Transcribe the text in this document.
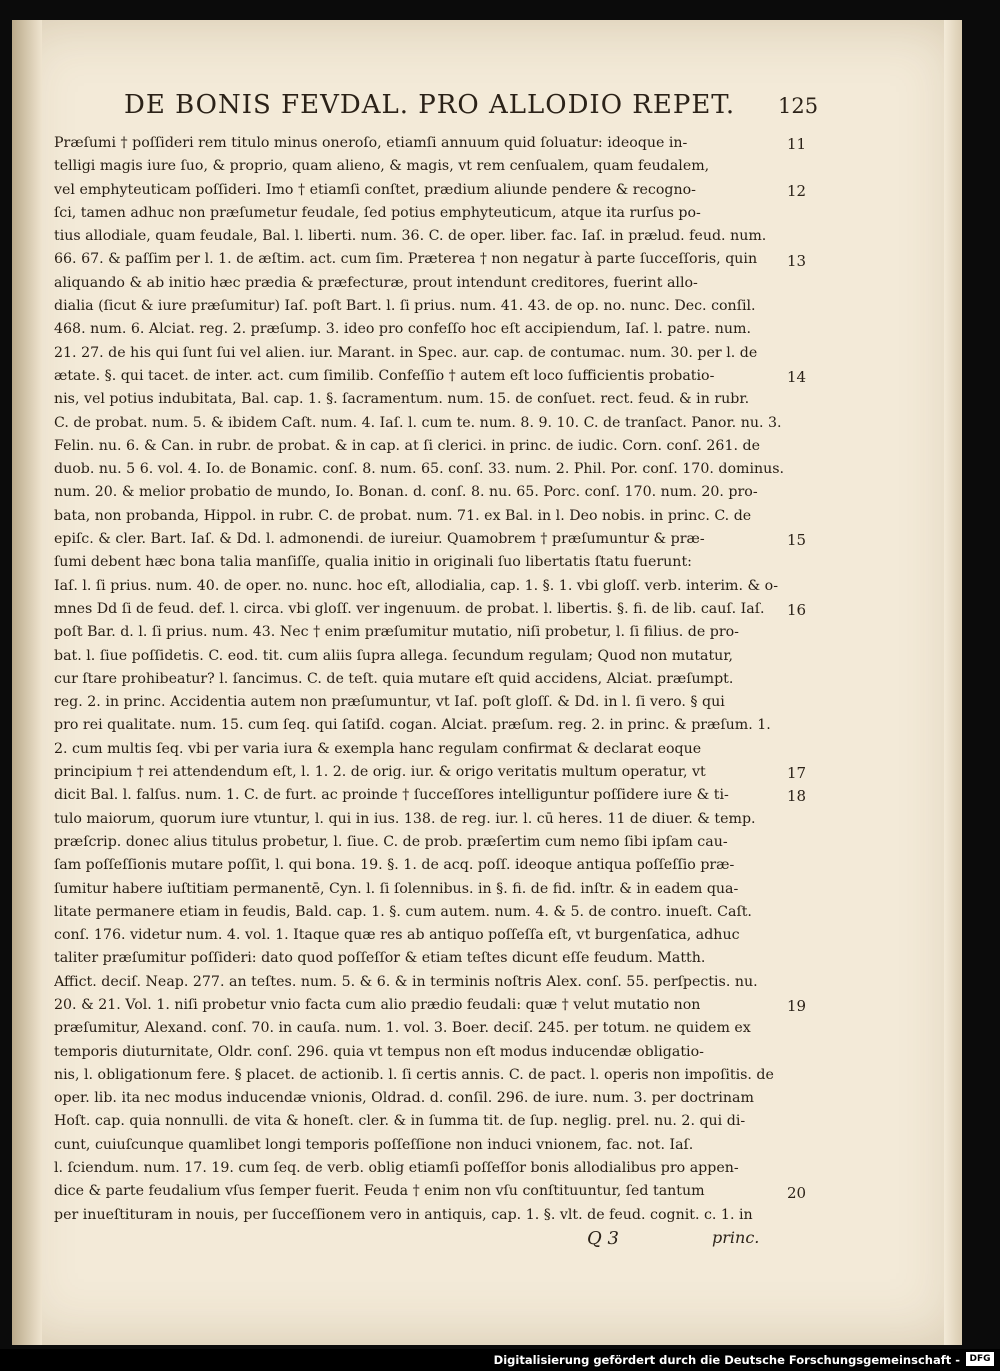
DE BONIS FEVDAL. PRO ALLODIO REPET.	125
Præſumi † poſſideri rem titulo minus oneroſo, etiamſi annuum quid ſoluatur: ideoque in-
telligi magis iure ſuo, & proprio, quam alieno, & magis, vt rem cenſualem, quam feudalem,
vel emphyteuticam poſſideri. Imo † etiamſi conſtet, prædium aliunde pendere & recogno-
ſci, tamen adhuc non præſumetur feudale, ſed potius emphyteuticum, atque ita rurſus po-
tius allodiale, quam feudale, Bal. l. liberti. num. 36. C. de oper. liber. fac. Iaſ. in prælud. feud. num.
66. 67. & paſſim per l. 1. de æſtim. act. cum ſim. Præterea † non negatur à parte ſucceſſoris, quin
aliquando & ab initio hæc prædia & præfecturæ, prout intendunt creditores, fuerint allo-
dialia (ſicut & iure præſumitur) Iaſ. poſt Bart. l. ſi prius. num. 41. 43. de op. no. nunc. Dec. conſil.
468. num. 6. Alciat. reg. 2. præſump. 3. ideo pro confeſſo hoc eſt accipiendum, Iaſ. l. patre. num.
21. 27. de his qui ſunt ſui vel alien. iur. Marant. in Spec. aur. cap. de contumac. num. 30. per l. de
ætate. §. qui tacet. de inter. act. cum ſimilib. Confeſſio † autem eſt loco ſufficientis probatio-
nis, vel potius indubitata, Bal. cap. 1. §. ſacramentum. num. 15. de conſuet. rect. feud. & in rubr.
C. de probat. num. 5. & ibidem Caſt. num. 4. Iaſ. l. cum te. num. 8. 9. 10. C. de tranſact. Panor. nu. 3.
Felin. nu. 6. & Can. in rubr. de probat. & in cap. at ſi clerici. in princ. de iudic. Corn. conſ. 261. de
duob. nu. 5 6. vol. 4. Io. de Bonamic. conſ. 8. num. 65. conſ. 33. num. 2. Phil. Por. conſ. 170. dominus.
num. 20. & melior probatio de mundo, Io. Bonan. d. conſ. 8. nu. 65. Porc. conſ. 170. num. 20. pro-
bata, non probanda, Hippol. in rubr. C. de probat. num. 71. ex Bal. in l. Deo nobis. in princ. C. de
epiſc. & cler. Bart. Iaſ. & Dd. l. admonendi. de iureiur. Quamobrem † præſumuntur & præ-
ſumi debent hæc bona talia manſiſſe, qualia initio in originali ſuo libertatis ſtatu fuerunt:
Iaſ. l. ſi prius. num. 40. de oper. no. nunc. hoc eſt, allodialia, cap. 1. §. 1. vbi gloſſ. verb. interim. & o-
mnes Dd ſi de feud. def. l. circa. vbi gloſſ. ver ingenuum. de probat. l. libertis. §. fi. de lib. cauſ. Iaſ.
poſt Bar. d. l. ſi prius. num. 43. Nec † enim præſumitur mutatio, niſi probetur, l. ſi filius. de pro-
bat. l. ſiue poſſidetis. C. eod. tit. cum aliis ſupra allega. ſecundum regulam; Quod non mutatur,
cur ſtare prohibeatur? l. ſancimus. C. de teſt. quia mutare eſt quid accidens, Alciat. præſumpt.
reg. 2. in princ. Accidentia autem non præſumuntur, vt Iaſ. poſt gloſſ. & Dd. in l. ſi vero. § qui
pro rei qualitate. num. 15. cum ſeq. qui ſatiſd. cogan. Alciat. præſum. reg. 2. in princ. & præſum. 1.
2. cum multis ſeq. vbi per varia iura & exempla hanc regulam confirmat & declarat eoque
principium † rei attendendum eſt, l. 1. 2. de orig. iur. & origo veritatis multum operatur, vt
dicit Bal. l. falſus. num. 1. C. de furt. ac proinde † ſucceſſores intelliguntur poſſidere iure & ti-
tulo maiorum, quorum iure vtuntur, l. qui in ius. 138. de reg. iur. l. cū heres. 11 de diuer. & temp.
præſcrip. donec alius titulus probetur, l. ſiue. C. de prob. præſertim cum nemo ſibi ipſam cau-
ſam poſſeſſionis mutare poſſit, l. qui bona. 19. §. 1. de acq. poſſ. ideoque antiqua poſſeſſio præ-
ſumitur habere iuſtitiam permanentē, Cyn. l. ſi ſolennibus. in §. fi. de fid. inſtr. & in eadem qua-
litate permanere etiam in feudis, Bald. cap. 1. §. cum autem. num. 4. & 5. de contro. inueſt. Caſt.
conſ. 176. videtur num. 4. vol. 1. Itaque quæ res ab antiquo poſſeſſa eſt, vt burgenſatica, adhuc
taliter præſumitur poſſideri: dato quod poſſeſſor & etiam teſtes dicunt eſſe feudum. Matth.
Affict. deciſ. Neap. 277. an teſtes. num. 5. & 6. & in terminis noſtris Alex. conſ. 55. perſpectis. nu.
20. & 21. Vol. 1. niſi probetur vnio facta cum alio prædio feudali: quæ † velut mutatio non
præſumitur, Alexand. conſ. 70. in cauſa. num. 1. vol. 3. Boer. deciſ. 245. per totum. ne quidem ex
temporis diuturnitate, Oldr. conſ. 296. quia vt tempus non eſt modus inducendæ obligatio-
nis, l. obligationum fere. § placet. de actionib. l. ſi certis annis. C. de pact. l. operis non impoſitis. de
oper. lib. ita nec modus inducendæ vnionis, Oldrad. d. conſil. 296. de iure. num. 3. per doctrinam
Hoſt. cap. quia nonnulli. de vita & honeſt. cler. & in ſumma tit. de ſup. neglig. prel. nu. 2. qui di-
cunt, cuiuſcunque quamlibet longi temporis poſſeſſione non induci vnionem, fac. not. Iaſ.
l. ſciendum. num. 17. 19. cum ſeq. de verb. oblig etiamſi poſſeſſor bonis allodialibus pro appen-
dice & parte feudalium vſus ſemper fuerit. Feuda † enim non vſu conſtituuntur, ſed tantum
per inueſtituram in nouis, per ſucceſſionem vero in antiquis, cap. 1. §. vlt. de feud. cognit. c. 1. in
Q 3	princ.
11
12
13
14
15
16
17
18
19
20
Digitalisierung gefördert durch die Deutsche Forschungsgemeinschaft -	DFG
